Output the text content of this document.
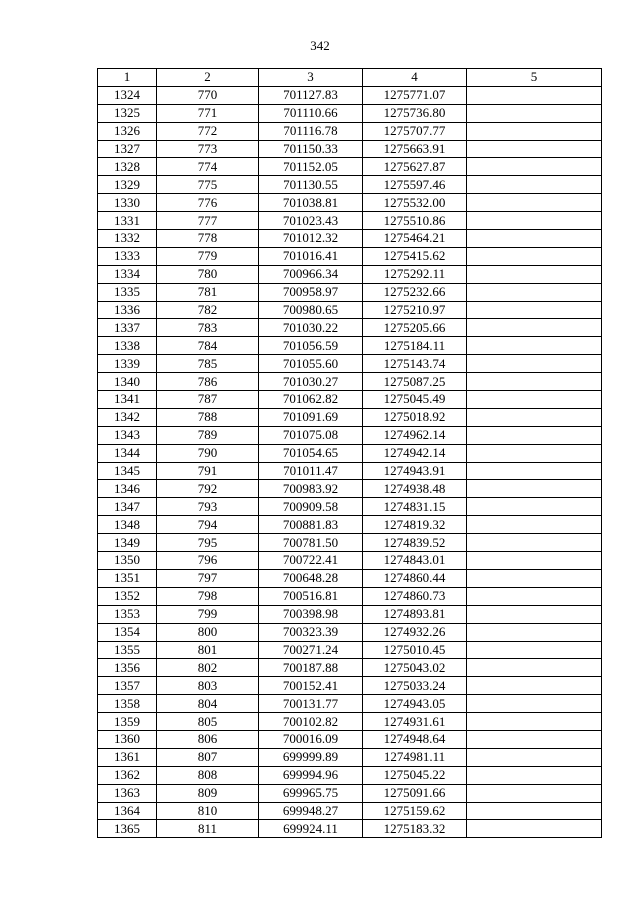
342
1	2	3	4	5
1324	770	701127.83	1275771.07	
1325	771	701110.66	1275736.80	
1326	772	701116.78	1275707.77	
1327	773	701150.33	1275663.91	
1328	774	701152.05	1275627.87	
1329	775	701130.55	1275597.46	
1330	776	701038.81	1275532.00	
1331	777	701023.43	1275510.86	
1332	778	701012.32	1275464.21	
1333	779	701016.41	1275415.62	
1334	780	700966.34	1275292.11	
1335	781	700958.97	1275232.66	
1336	782	700980.65	1275210.97	
1337	783	701030.22	1275205.66	
1338	784	701056.59	1275184.11	
1339	785	701055.60	1275143.74	
1340	786	701030.27	1275087.25	
1341	787	701062.82	1275045.49	
1342	788	701091.69	1275018.92	
1343	789	701075.08	1274962.14	
1344	790	701054.65	1274942.14	
1345	791	701011.47	1274943.91	
1346	792	700983.92	1274938.48	
1347	793	700909.58	1274831.15	
1348	794	700881.83	1274819.32	
1349	795	700781.50	1274839.52	
1350	796	700722.41	1274843.01	
1351	797	700648.28	1274860.44	
1352	798	700516.81	1274860.73	
1353	799	700398.98	1274893.81	
1354	800	700323.39	1274932.26	
1355	801	700271.24	1275010.45	
1356	802	700187.88	1275043.02	
1357	803	700152.41	1275033.24	
1358	804	700131.77	1274943.05	
1359	805	700102.82	1274931.61	
1360	806	700016.09	1274948.64	
1361	807	699999.89	1274981.11	
1362	808	699994.96	1275045.22	
1363	809	699965.75	1275091.66	
1364	810	699948.27	1275159.62	
1365	811	699924.11	1275183.32	
